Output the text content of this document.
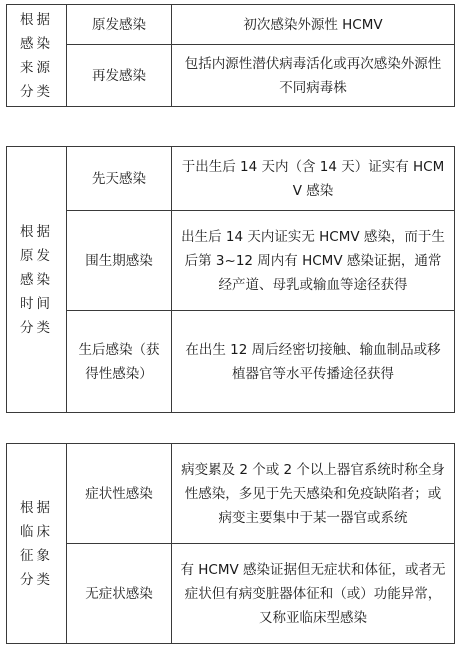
根据感染来源分类	原发感染	初次感染外源性 HCMV
	再发感染	包括内源性潜伏病毒活化或再次感染外源性不同病毒株
根据原发感染时间分类	先天感染	于出生后 14 天内（含 14 天）证实有 HCMV 感染
	围生期感染	出生后 14 天内证实无 HCMV 感染，而于生后第 3~12 周内有 HCMV 感染证据，通常经产道、母乳或输血等途径获得
	生后感染（获得性感染）	在出生 12 周后经密切接触、输血制品或移植器官等水平传播途径获得
根据临床征象分类	症状性感染	病变累及 2 个或 2 个以上器官系统时称全身性感染，多见于先天感染和免疫缺陷者；或病变主要集中于某一器官或系统
	无症状感染	有 HCMV 感染证据但无症状和体征，或者无症状但有病变脏器体征和（或）功能异常，又称亚临床型感染
